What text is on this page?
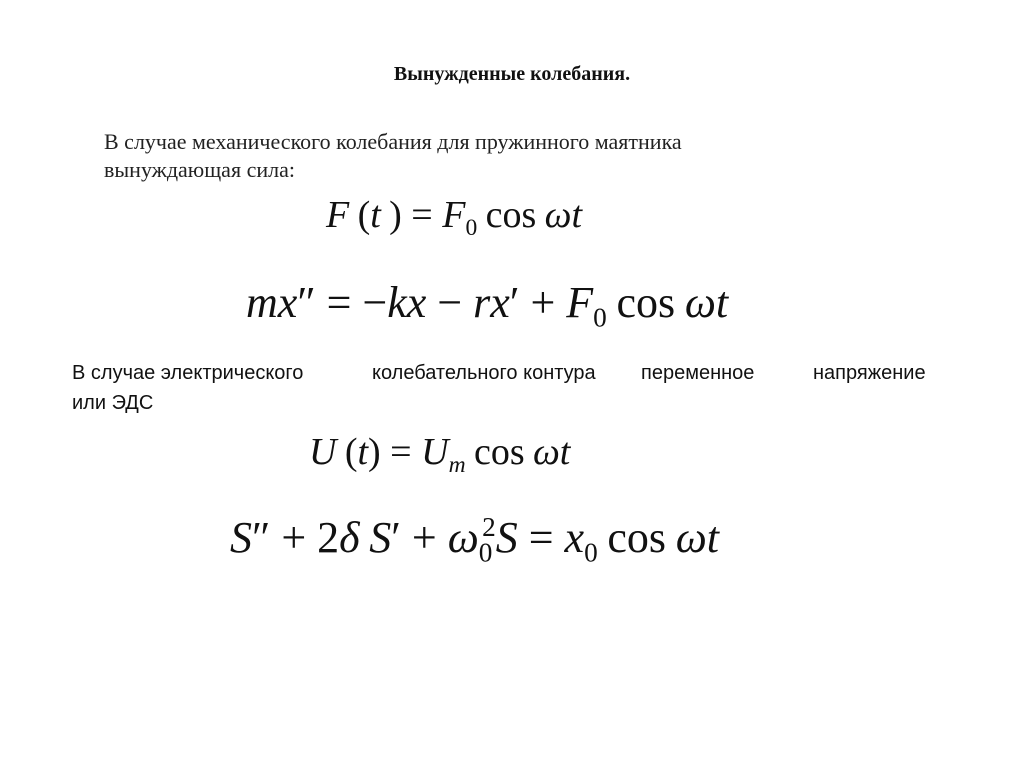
Вынужденные колебания.
В случае механического колебания для пружинного маятника
вынуждающая сила:
F (t ) = $F_0$ cos ωt
$mx'' = -kx - rx' + F_0$ cos ωt
В случае электрического	колебательного контура переменное	напряжение
или ЭДС
U $(t) = U_m$ cos ωt
S″ + 2δ $S' + \omega_0^2S = x_0$ cos ωt
